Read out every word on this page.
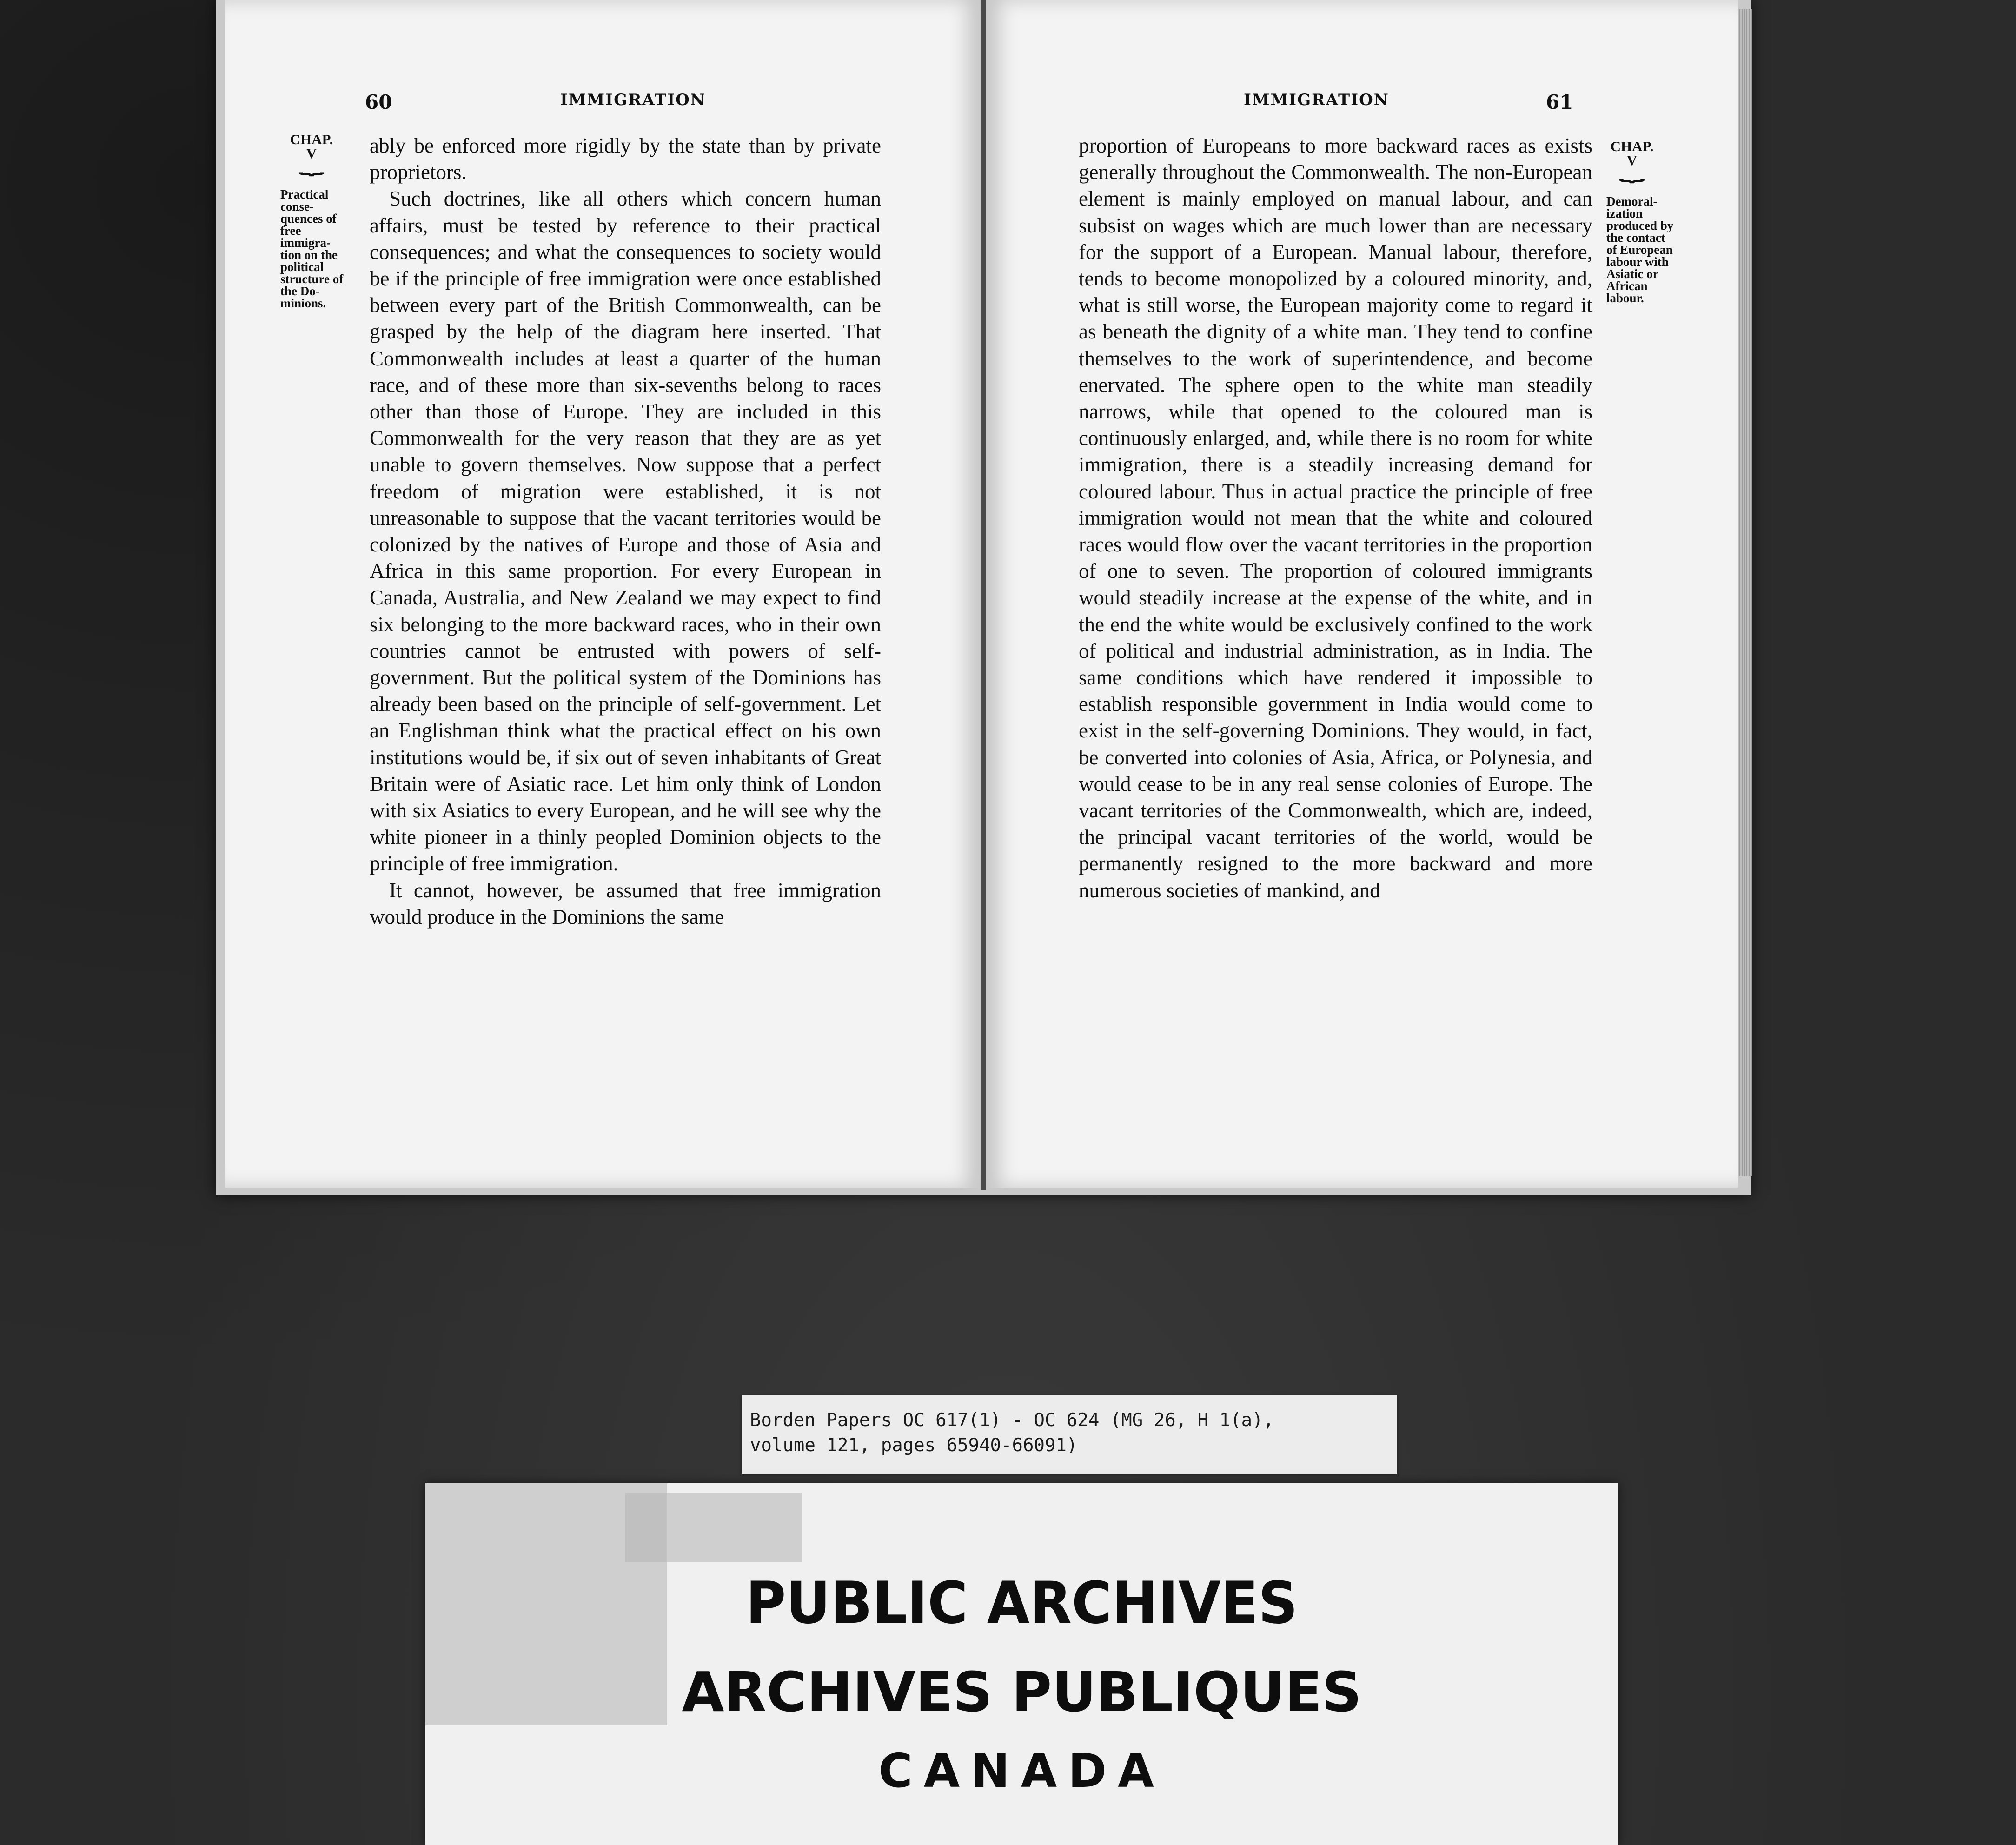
60	IMMIGRATION
CHAP.
V
⏟
Practical conse-quences of free immigra-tion on the political structure of the Do-minions.

ably be enforced more rigidly by the state than by private proprietors.

Such doctrines, like all others which concern human affairs, must be tested by reference to their practical consequences; and what the consequences to society would be if the principle of free immigration were once established between every part of the British Commonwealth, can be grasped by the help of the diagram here inserted. That Commonwealth includes at least a quarter of the human race, and of these more than six-sevenths belong to races other than those of Europe. They are included in this Commonwealth for the very reason that they are as yet unable to govern themselves. Now suppose that a perfect freedom of migration were established, it is not unreasonable to suppose that the vacant territories would be colonized by the natives of Europe and those of Asia and Africa in this same proportion. For every European in Canada, Australia, and New Zealand we may expect to find six belonging to the more backward races, who in their own countries cannot be entrusted with powers of self-government. But the political system of the Dominions has already been based on the principle of self-government. Let an Englishman think what the practical effect on his own institutions would be, if six out of seven inhabitants of Great Britain were of Asiatic race. Let him only think of London with six Asiatics to every European, and he will see why the white pioneer in a thinly peopled Dominion objects to the principle of free immigration.

It cannot, however, be assumed that free immigration would produce in the Dominions the same

IMMIGRATION	61

proportion of Europeans to more backward races as exists generally throughout the Commonwealth. The non-European element is mainly employed on manual labour, and can subsist on wages which are much lower than are necessary for the support of a European. Manual labour, therefore, tends to become monopolized by a coloured minority, and, what is still worse, the European majority come to regard it as beneath the dignity of a white man. They tend to confine themselves to the work of superintendence, and become enervated. The sphere open to the white man steadily narrows, while that opened to the coloured man is continuously enlarged, and, while there is no room for white immigration, there is a steadily increasing demand for coloured labour. Thus in actual practice the principle of free immigration would not mean that the white and coloured races would flow over the vacant territories in the proportion of one to seven. The proportion of coloured immigrants would steadily increase at the expense of the white, and in the end the white would be exclusively confined to the work of political and industrial administration, as in India. The same conditions which have rendered it impossible to establish responsible government in India would come to exist in the self-governing Dominions. They would, in fact, be converted into colonies of Asia, Africa, or Polynesia, and would cease to be in any real sense colonies of Europe. The vacant territories of the Commonwealth, which are, indeed, the principal vacant territories of the world, would be permanently resigned to the more backward and more numerous societies of mankind, and

CHAP.
V
⏟
Demoral-ization produced by the contact of European labour with Asiatic or African labour.
Borden Papers OC 617(1) - OC 624 (MG 26, H 1(a),
volume 121, pages 65940-66091)
PUBLIC ARCHIVES
ARCHIVES PUBLIQUES
CANADA
